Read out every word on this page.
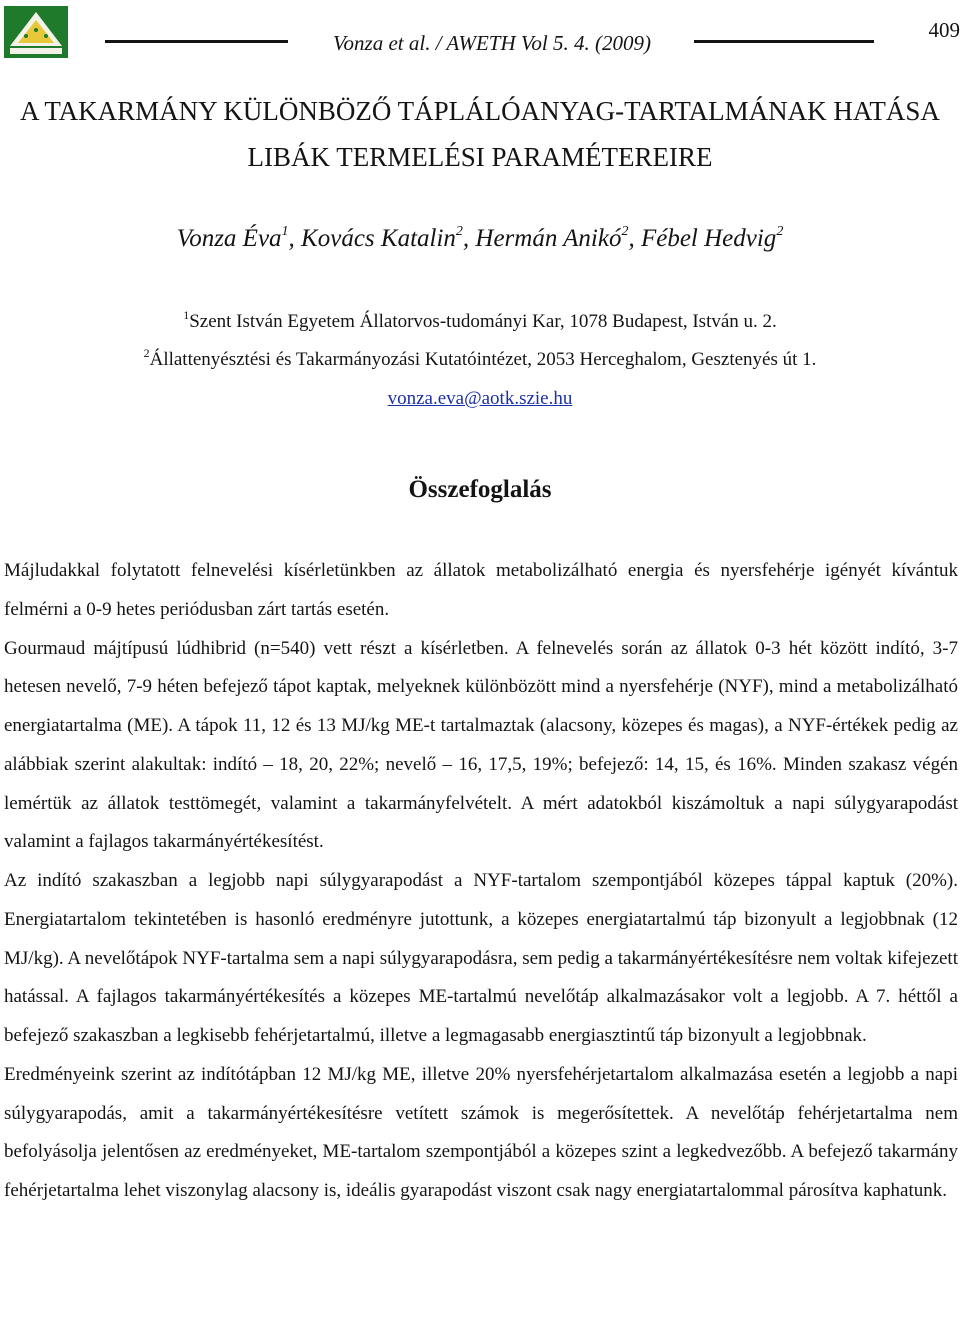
Vonza et al. / AWETH Vol 5. 4. (2009)
409
A TAKARMÁNY KÜLÖNBÖZŐ TÁPLÁLÓANYAG-TARTALMÁNAK HATÁSA
LIBÁK TERMELÉSI PARAMÉTEREIRE
Vonza Éva$^1$, Kovács Katalin$^2$, Hermán Anikó$^2$, Fébel Hedvig$^2$
$^1$Szent István Egyetem Állatorvos-tudományi Kar, 1078 Budapest, István u. 2.
$^2$Állattenyésztési és Takarmányozási Kutatóintézet, 2053 Herceghalom, Gesztenyés út 1.
vonza.eva@aotk.szie.hu
Összefoglalás

Májludakkal folytatott felnevelési kísérletünkben az állatok metabolizálható energia és nyersfehérje igényét kívántuk felmérni a 0-9 hetes periódusban zárt tartás esetén.

Gourmaud májtípusú lúdhibrid (n=540) vett részt a kísérletben. A felnevelés során az állatok 0-3 hét között indító, 3-7 hetesen nevelő, 7-9 héten befejező tápot kaptak, melyeknek különbözött mind a nyersfehérje (NYF), mind a metabolizálható energiatartalma (ME). A tápok 11, 12 és 13 MJ/kg ME-t tartalmaztak (alacsony, közepes és magas), a NYF-értékek pedig az alábbiak szerint alakultak: indító – 18, 20, 22%; nevelő – 16, 17,5, 19%; befejező: 14, 15, és 16%. Minden szakasz végén lemértük az állatok testtömegét, valamint a takarmányfelvételt. A mért adatokból kiszámoltuk a napi súlygyarapodást valamint a fajlagos takarmányértékesítést.

Az indító szakaszban a legjobb napi súlygyarapodást a NYF-tartalom szempontjából közepes táppal kaptuk (20%). Energiatartalom tekintetében is hasonló eredményre jutottunk, a közepes energiatartalmú táp bizonyult a legjobbnak (12 MJ/kg). A nevelőtápok NYF-tartalma sem a napi súlygyarapodásra, sem pedig a takarmányértékesítésre nem voltak kifejezett hatással. A fajlagos takarmányértékesítés a közepes ME-tartalmú nevelőtáp alkalmazásakor volt a legjobb. A 7. héttől a befejező szakaszban a legkisebb fehérjetartalmú, illetve a legmagasabb energiasztintű táp bizonyult a legjobbnak.

Eredményeink szerint az indítótápban 12 MJ/kg ME, illetve 20% nyersfehérjetartalom alkalmazása esetén a legjobb a napi súlygyarapodás, amit a takarmányértékesítésre vetített számok is megerősítettek. A nevelőtáp fehérjetartalma nem befolyásolja jelentősen az eredményeket, ME-tartalom szempontjából a közepes szint a legkedvezőbb. A befejező takarmány fehérjetartalma lehet viszonylag alacsony is, ideális gyarapodást viszont csak nagy energiatartalommal párosítva kaphatunk.
